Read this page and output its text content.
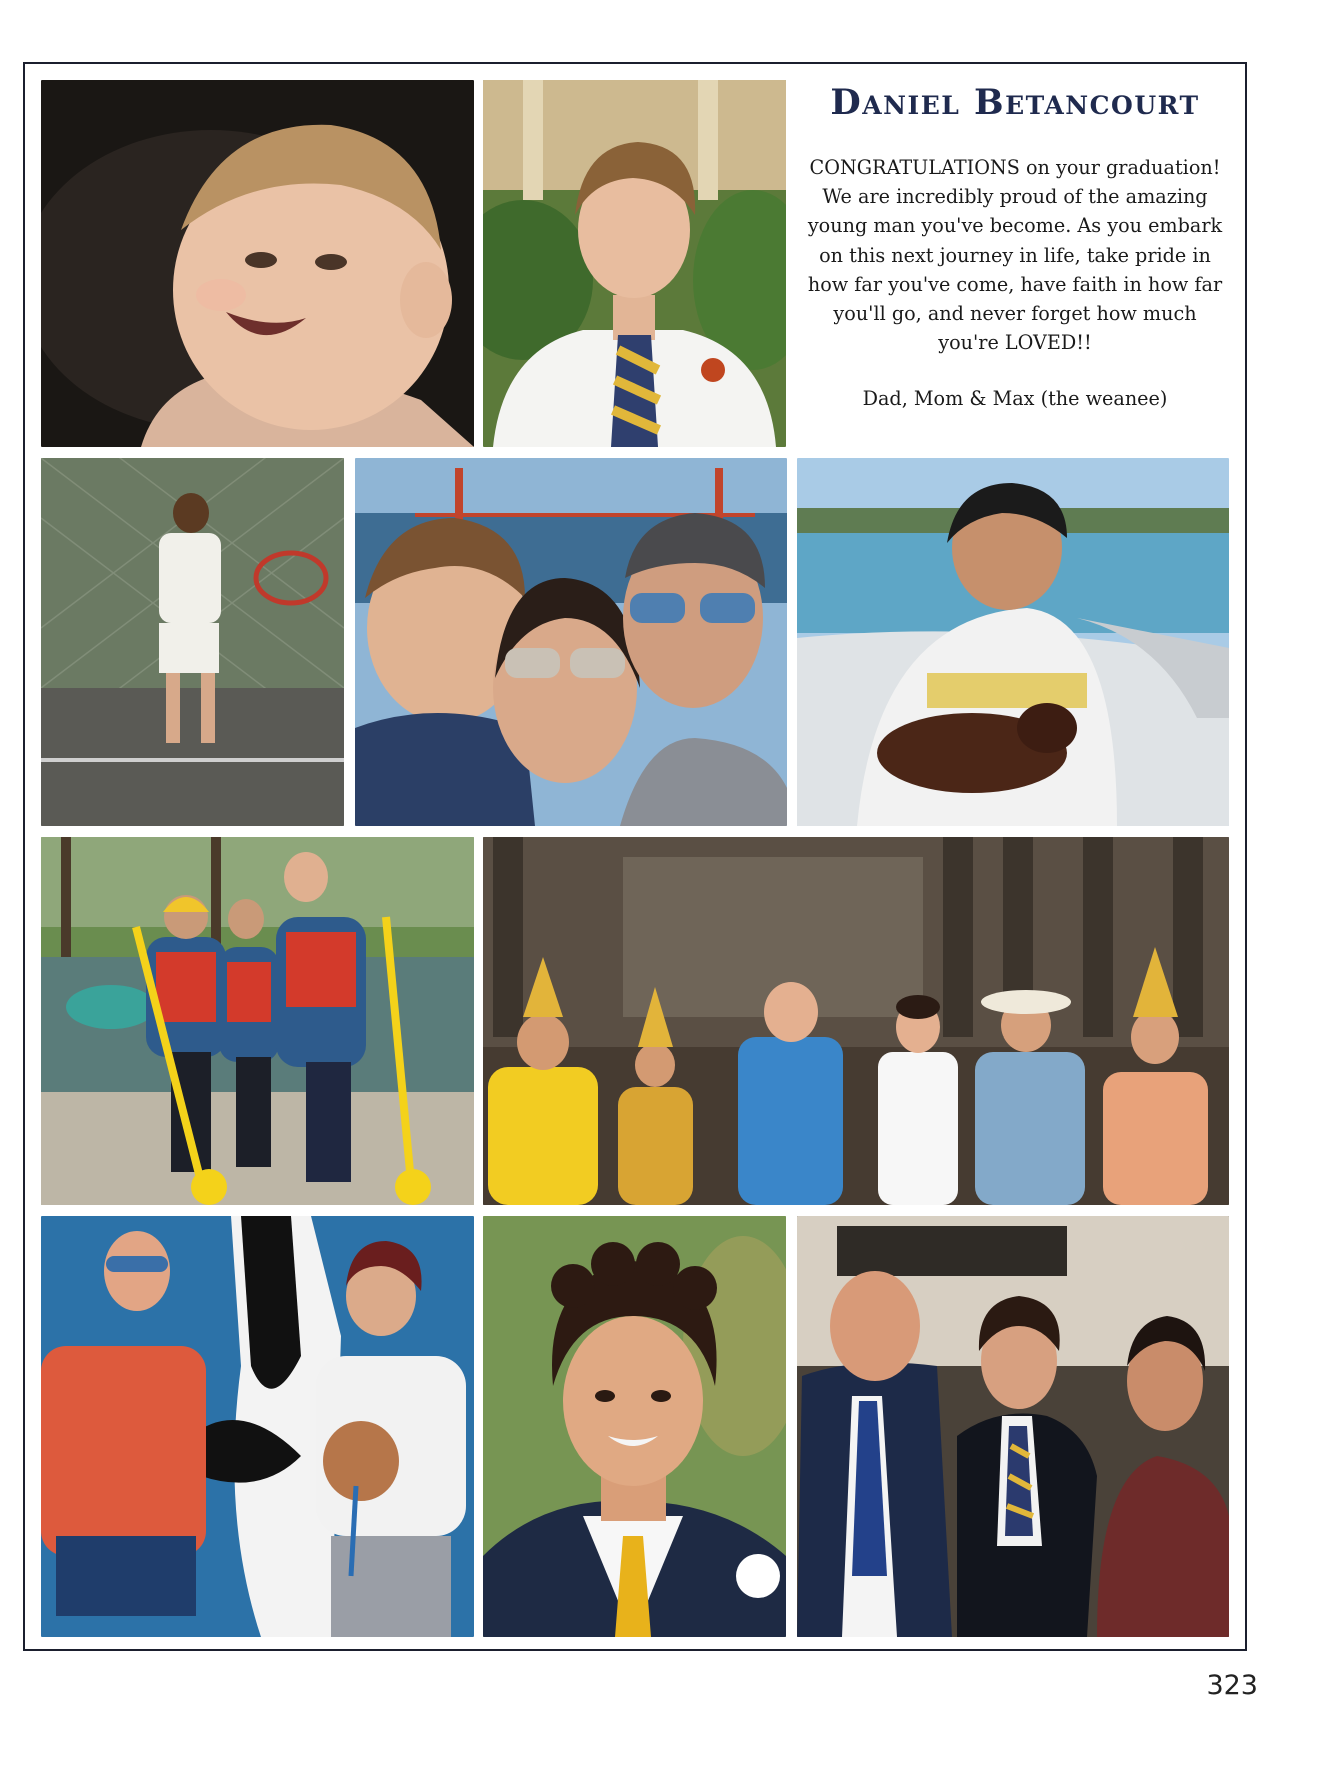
Daniel Betancourt
CONGRATULATIONS on your graduation! We are incredibly proud of the amazing young man you've become. As you embark on this next journey in life, take pride in how far you've come, have faith in how far you'll go, and never forget how much you're LOVED!!
Dad, Mom & Max (the weanee)
323
